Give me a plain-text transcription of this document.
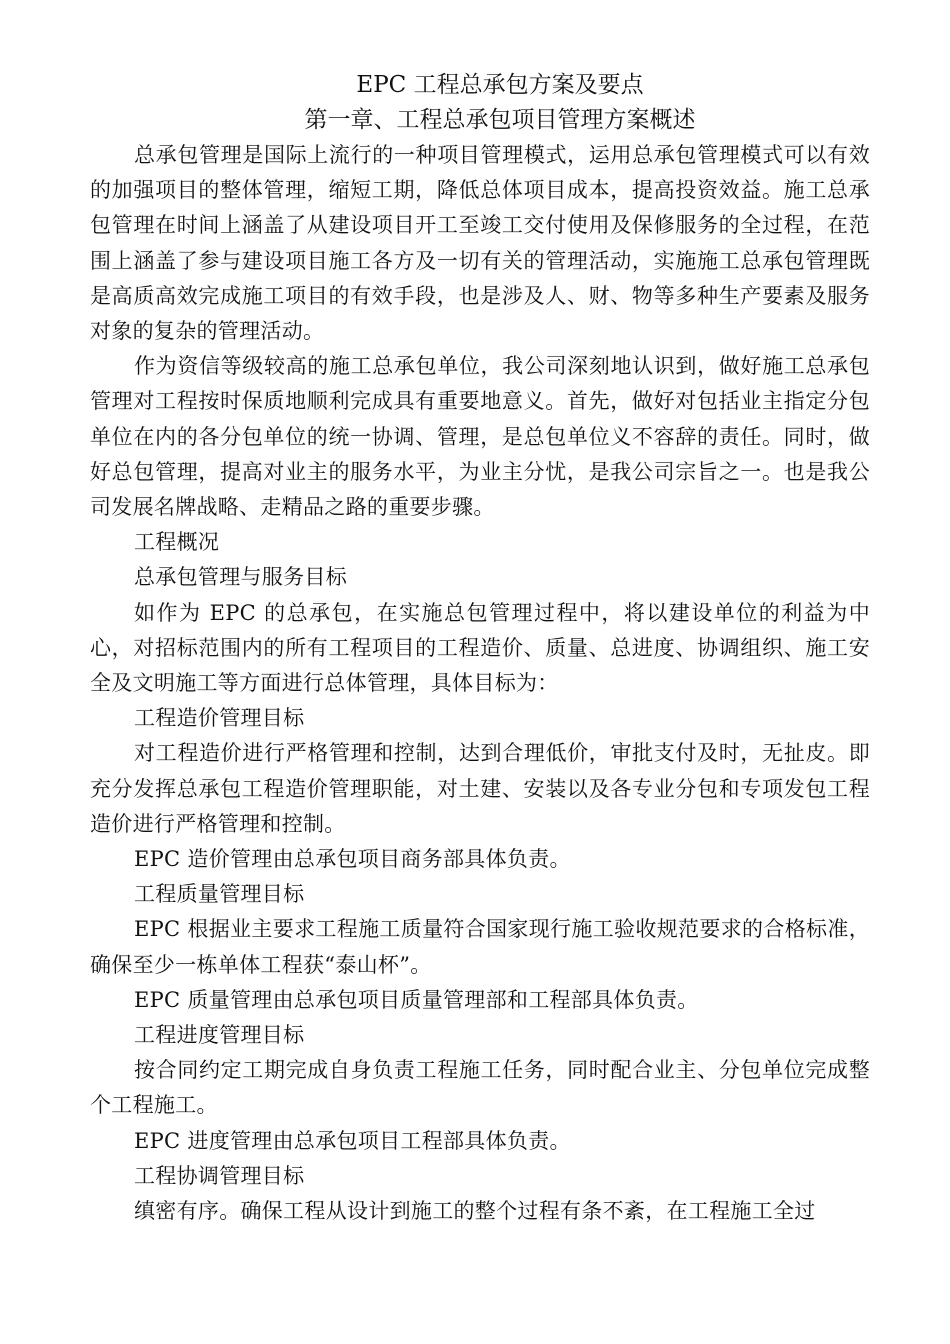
EPC 工程总承包方案及要点
第一章、工程总承包项目管理方案概述

总承包管理是国际上流行的一种项目管理模式，运用总承包管理模式可以有效的加强项目的整体管理，缩短工期，降低总体项目成本，提高投资效益。施工总承包管理在时间上涵盖了从建设项目开工至竣工交付使用及保修服务的全过程，在范围上涵盖了参与建设项目施工各方及一切有关的管理活动，实施施工总承包管理既是高质高效完成施工项目的有效手段，也是涉及人、财、物等多种生产要素及服务对象的复杂的管理活动。

作为资信等级较高的施工总承包单位，我公司深刻地认识到，做好施工总承包管理对工程按时保质地顺利完成具有重要地意义。首先，做好对包括业主指定分包单位在内的各分包单位的统一协调、管理，是总包单位义不容辞的责任。同时，做好总包管理，提高对业主的服务水平，为业主分忧，是我公司宗旨之一。也是我公司发展名牌战略、走精品之路的重要步骤。

工程概况

总承包管理与服务目标

如作为 EPC 的总承包，在实施总包管理过程中，将以建设单位的利益为中心，对招标范围内的所有工程项目的工程造价、质量、总进度、协调组织、施工安全及文明施工等方面进行总体管理，具体目标为：

工程造价管理目标

对工程造价进行严格管理和控制，达到合理低价，审批支付及时，无扯皮。即充分发挥总承包工程造价管理职能，对土建、安装以及各专业分包和专项发包工程造价进行严格管理和控制。

EPC 造价管理由总承包项目商务部具体负责。

工程质量管理目标

EPC 根据业主要求工程施工质量符合国家现行施工验收规范要求的合格标准，确保至少一栋单体工程获“泰山杯”。

EPC 质量管理由总承包项目质量管理部和工程部具体负责。

工程进度管理目标

按合同约定工期完成自身负责工程施工任务，同时配合业主、分包单位完成整个工程施工。

EPC 进度管理由总承包项目工程部具体负责。

工程协调管理目标

缜密有序。确保工程从设计到施工的整个过程有条不紊，在工程施工全过
